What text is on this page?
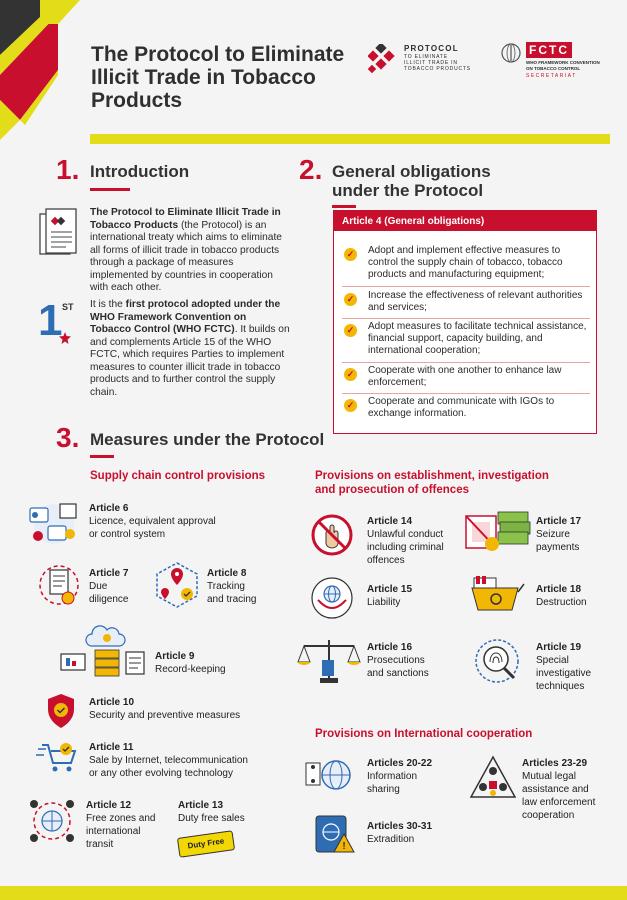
The Protocol to Eliminate Illicit Trade in Tobacco Products
PROTOCOL
TO ELIMINATE
ILLICIT TRADE IN
TOBACCO PRODUCTS
FCTC
WHO FRAMEWORK CONVENTION
ON TOBACCO CONTROL
SECRETARIAT
1. Introduction
The Protocol to Eliminate Illicit Trade in Tobacco Products (the Protocol) is an international treaty which aims to eliminate all forms of illicit trade in tobacco products through a package of measures implemented by countries in cooperation with each other.
1 ST It is the first protocol adopted under the WHO Framework Convention on Tobacco Control (WHO FCTC). It builds on and complements Article 15 of the WHO FCTC, which requires Parties to implement measures to counter illicit trade in tobacco products and to further control the supply chain.
2. General obligations
under the Protocol
Article 4 (General obligations)
✓ Adopt and implement effective measures to control the supply chain of tobacco, tobacco products and manufacturing equipment;
✓ Increase the effectiveness of relevant authorities and services;
✓ Adopt measures to facilitate technical assistance, financial support, capacity building, and international cooperation;
✓ Cooperate with one another to enhance law enforcement;
✓ Cooperate and communicate with IGOs to exchange information.
3. Measures under the Protocol
Supply chain control provisions	Provisions on establishment, investigation
and prosecution of offences
Article 6
Licence, equivalent approval
or control system
Article 7
Due
diligence
Article 8
Tracking
and tracing
Article 9
Record-keeping
Article 10
Security and preventive measures
Article 11
Sale by Internet, telecommunication
or any other evolving technology
Article 12
Free zones and
international
transit
Article 13
Duty free sales
Duty Free
Article 14
Unlawful conduct
including criminal
offences
Article 15
Liability
Article 16
Prosecutions
and sanctions
Article 17
Seizure
payments
Article 18
Destruction
Article 19
Special
investigative
techniques
Provisions on International cooperation
Articles 20-22
Information
sharing
Articles 23-29
Mutual legal
assistance and
law enforcement
cooperation
!
Articles 30-31
Extradition
